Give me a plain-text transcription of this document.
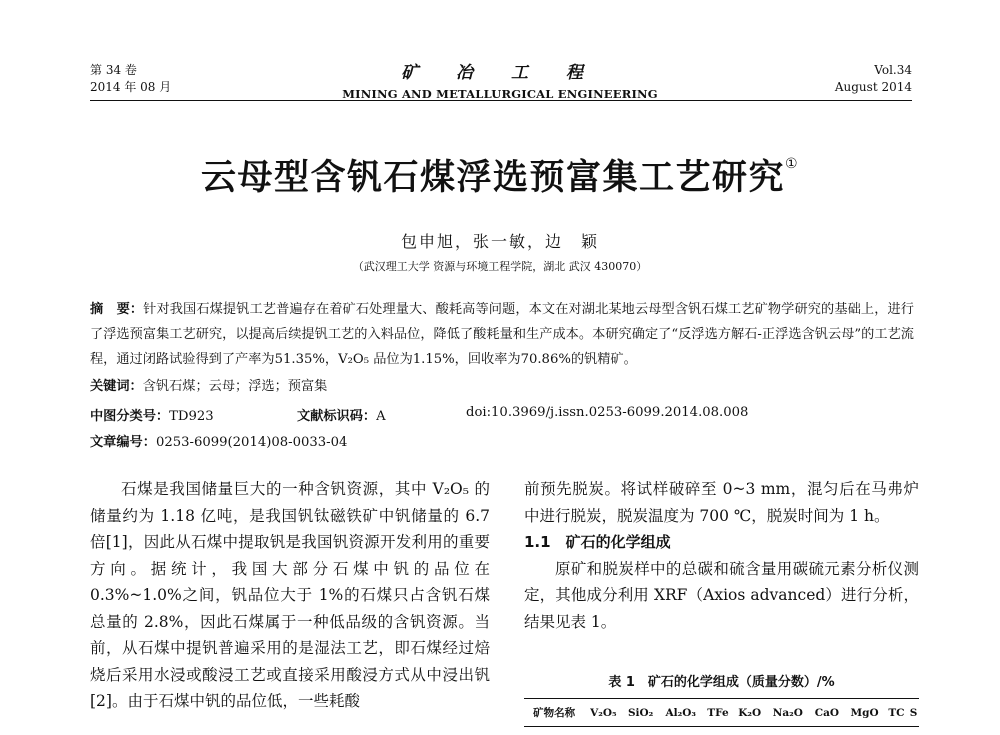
第 34 卷
2014 年 08 月
矿 冶 工 程
MINING AND METALLURGICAL ENGINEERING
Vol.34
August 2014
云母型含钒石煤浮选预富集工艺研究①
包申旭，张一敏，边　颖
（武汉理工大学 资源与环境工程学院，湖北 武汉 430070）
摘　要：针对我国石煤提钒工艺普遍存在着矿石处理量大、酸耗高等问题，本文在对湖北某地云母型含钒石煤工艺矿物学研究的基础上，进行了浮选预富集工艺研究，以提高后续提钒工艺的入料品位，降低了酸耗量和生产成本。本研究确定了“反浮选方解石-正浮选含钒云母”的工艺流程，通过闭路试验得到了产率为51.35%，V₂O₅ 品位为1.15%，回收率为70.86%的钒精矿。
关键词：含钒石煤；云母；浮选；预富集
中图分类号：TD923	文献标识码：A	doi:10.3969/j.issn.0253-6099.2014.08.008
文章编号：0253-6099(2014)08-0033-04
石煤是我国储量巨大的一种含钒资源，其中 V₂O₅ 的储量约为 1.18 亿吨，是我国钒钛磁铁矿中钒储量的 6.7 倍[1]，因此从石煤中提取钒是我国钒资源开发利用的重要方向。据统计，我国大部分石煤中钒的品位在 0.3%~1.0%之间，钒品位大于 1%的石煤只占含钒石煤总量的 2.8%，因此石煤属于一种低品级的含钒资源。当前，从石煤中提钒普遍采用的是湿法工艺，即石煤经过焙烧后采用水浸或酸浸工艺或直接采用酸浸方式从中浸出钒[2]。由于石煤中钒的品位低，一些耗酸
前预先脱炭。将试样破碎至 0~3 mm，混匀后在马弗炉中进行脱炭，脱炭温度为 700 ℃，脱炭时间为 1 h。
1.1　矿石的化学组成
原矿和脱炭样中的总碳和硫含量用碳硫元素分析仪测定，其他成分利用 XRF（Axios advanced）进行分析，结果见表 1。
表 1　矿石的化学组成（质量分数）/%
矿物名称	V₂O₅	SiO₂	Al₂O₃	TFe	K₂O	Na₂O	CaO	MgO	TC	S
